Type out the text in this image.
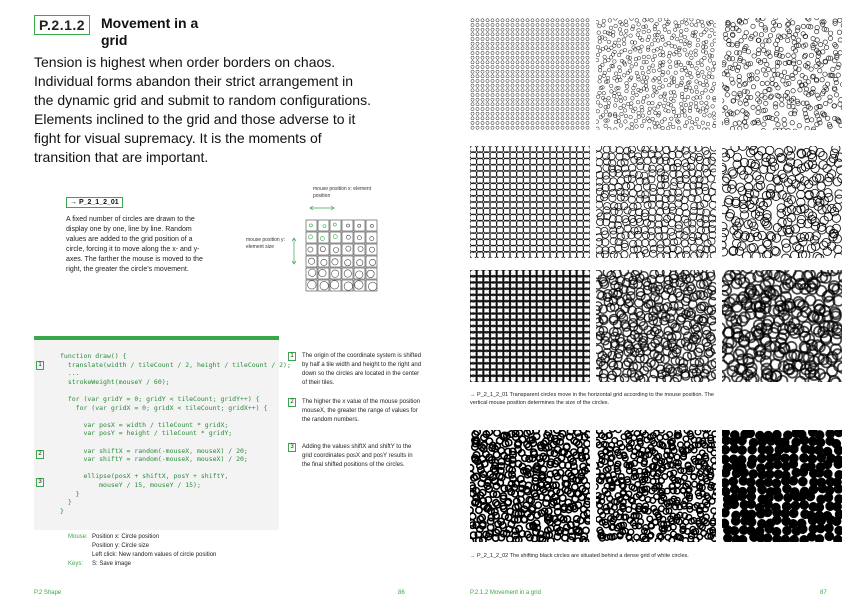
P.2.1.2	Movement in a grid
Tension is highest when order borders on chaos. Individual forms abandon their strict arrangement in the dynamic grid and submit to random configurations. Elements inclined to the grid and those adverse to it fight for visual supremacy. It is the moments of transition that are important.
→ P_2_1_2_01
A fixed number of circles are drawn to the display one by one, line by line. Random values are added to the grid position of a circle, forcing it to move along the x- and y-axes. The farther the mouse is moved to the right, the greater the circle's movement.
mouse position x: element position
mouse position y: element size
function draw() {
translate(width / tileCount / 2, height / tileCount / 2);
...
strokeWeight(mouseY / 60);
for (var gridY = 0; gridY < tileCount; gridY++) {
for (var gridX = 0; gridX < tileCount; gridX++) {
var posX = width / tileCount * gridX;
var posY = height / tileCount * gridY;
var shiftX = random(-mouseX, mouseX) / 20;
var shiftY = random(-mouseX, mouseX) / 20;
ellipse(posX + shiftX, posY + shiftY,
mouseY / 15, mouseY / 15);
}
}
}
1
2
3
1
2
3
The origin of the coordinate system is shifted by half a tile width and height to the right and down so the circles are located in the center of their tiles.
The higher the x value of the mouse position mouseX, the greater the range of values for the random numbers.
Adding the values shiftX and shiftY to the grid coordinates posX and posY results in the final shifted positions of the circles.
Mouse: Position x: Circle position
Position y: Circle size
Left click: New random values of circle position
Keys: S: Save image
P.2 Shape	86
→ P_2_1_2_01 Transparent circles move in the horizontal grid according to the mouse position. The vertical mouse position determines the size of the circles.
→ P_2_1_2_02 The shifting black circles are situated behind a dense grid of white circles.
P.2.1.2 Movement in a grid	87
